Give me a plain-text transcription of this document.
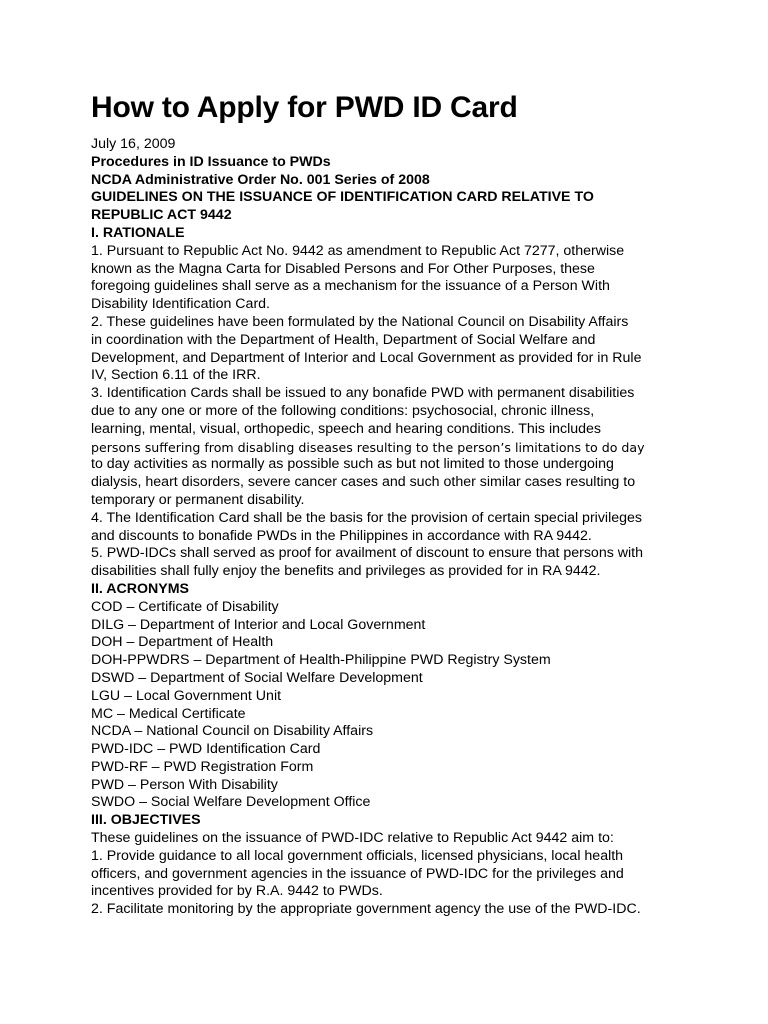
How to Apply for PWD ID Card
July 16, 2009
Procedures in ID Issuance to PWDs
NCDA Administrative Order No. 001 Series of 2008
GUIDELINES ON THE ISSUANCE OF IDENTIFICATION CARD RELATIVE TO
REPUBLIC ACT 9442
I. RATIONALE
1. Pursuant to Republic Act No. 9442 as amendment to Republic Act 7277, otherwise
known as the Magna Carta for Disabled Persons and For Other Purposes, these
foregoing guidelines shall serve as a mechanism for the issuance of a Person With
Disability Identification Card.
2. These guidelines have been formulated by the National Council on Disability Affairs
in coordination with the Department of Health, Department of Social Welfare and
Development, and Department of Interior and Local Government as provided for in Rule
IV, Section 6.11 of the IRR.
3. Identification Cards shall be issued to any bonafide PWD with permanent disabilities
due to any one or more of the following conditions: psychosocial, chronic illness,
learning, mental, visual, orthopedic, speech and hearing conditions. This includes
persons suffering from disabling diseases resulting to the person’s limitations to do day
to day activities as normally as possible such as but not limited to those undergoing
dialysis, heart disorders, severe cancer cases and such other similar cases resulting to
temporary or permanent disability.
4. The Identification Card shall be the basis for the provision of certain special privileges
and discounts to bonafide PWDs in the Philippines in accordance with RA 9442.
5. PWD-IDCs shall served as proof for availment of discount to ensure that persons with
disabilities shall fully enjoy the benefits and privileges as provided for in RA 9442.
II. ACRONYMS
COD – Certificate of Disability
DILG – Department of Interior and Local Government
DOH – Department of Health
DOH-PPWDRS – Department of Health-Philippine PWD Registry System
DSWD – Department of Social Welfare Development
LGU – Local Government Unit
MC – Medical Certificate
NCDA – National Council on Disability Affairs
PWD-IDC – PWD Identification Card
PWD-RF – PWD Registration Form
PWD – Person With Disability
SWDO – Social Welfare Development Office
III. OBJECTIVES
These guidelines on the issuance of PWD-IDC relative to Republic Act 9442 aim to:
1. Provide guidance to all local government officials, licensed physicians, local health
officers, and government agencies in the issuance of PWD-IDC for the privileges and
incentives provided for by R.A. 9442 to PWDs.
2. Facilitate monitoring by the appropriate government agency the use of the PWD-IDC.
